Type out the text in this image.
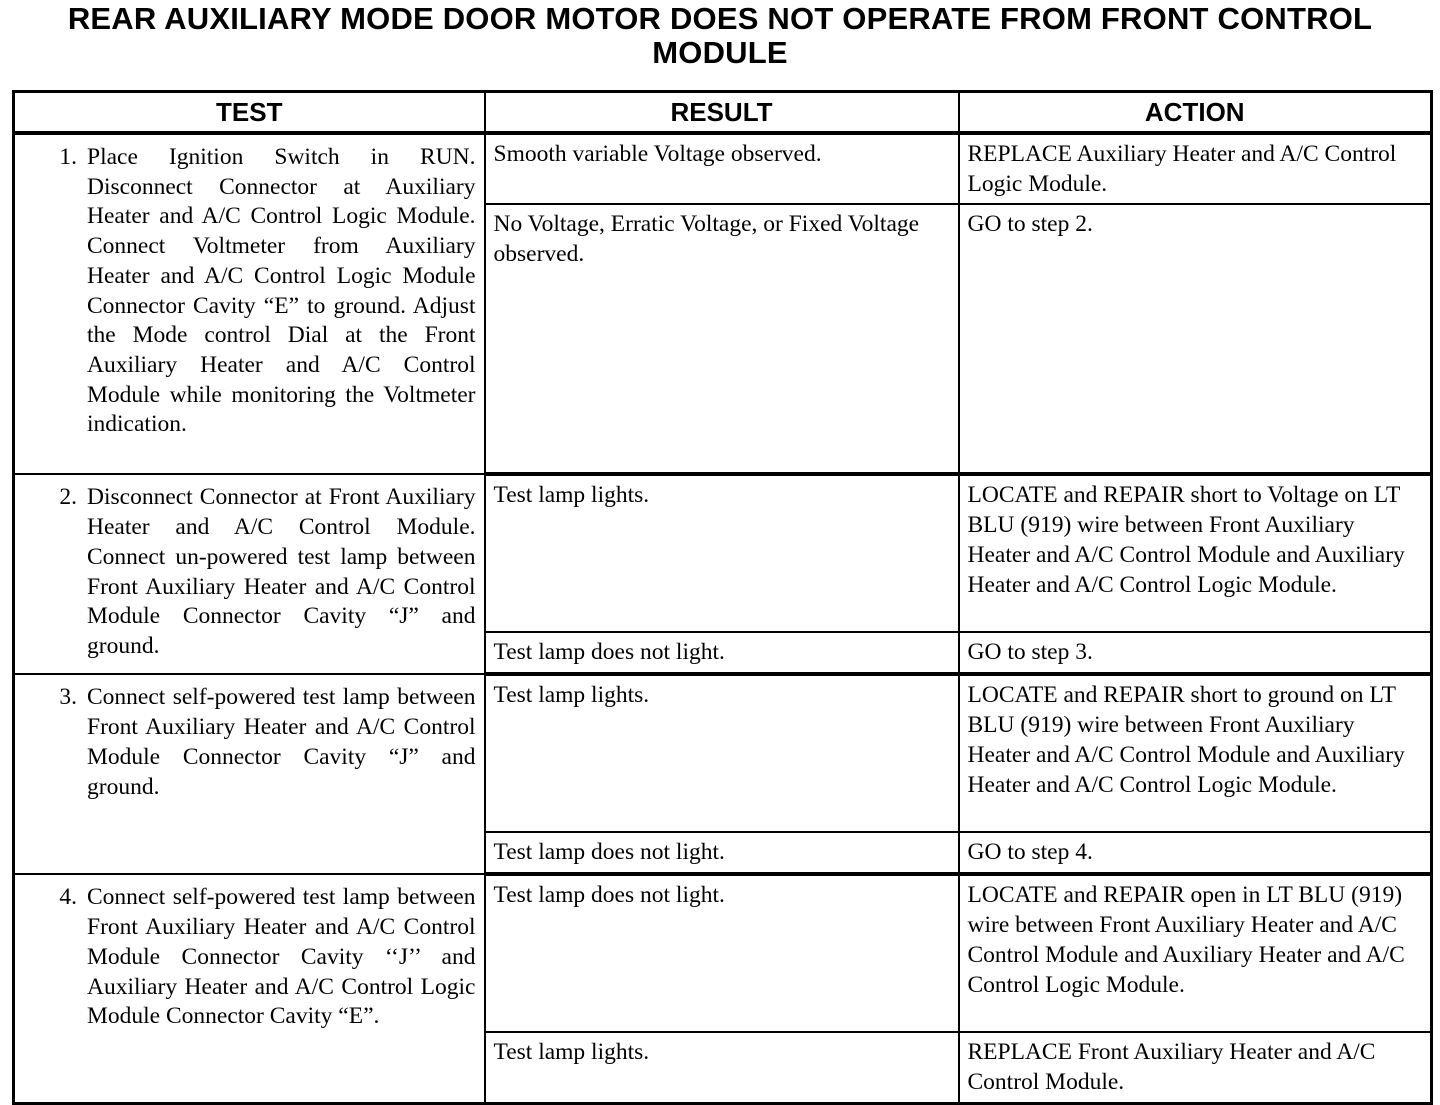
REAR AUXILIARY MODE DOOR MOTOR DOES NOT OPERATE FROM FRONT CONTROL MODULE
TEST	RESULT	ACTION

1. Place Ignition Switch in RUN. Disconnect Connector at Auxiliary Heater and A/C Control Logic Module. Connect Voltmeter from Auxiliary Heater and A/C Control Logic Module Connector Cavity “E” to ground. Adjust the Mode control Dial at the Front Auxiliary Heater and A/C Control Module while monitoring the Voltmeter indication.	Smooth variable Voltage observed.	REPLACE Auxiliary Heater and A/C Control Logic Module.
	No Voltage, Erratic Voltage, or Fixed Voltage observed.	GO to step 2.

2. Disconnect Connector at Front Auxiliary Heater and A/C Control Module. Connect un-powered test lamp between Front Auxiliary Heater and A/C Control Module Connector Cavity “J” and ground.	Test lamp lights.	LOCATE and REPAIR short to Voltage on LT BLU (919) wire between Front Auxiliary Heater and A/C Control Module and Auxiliary Heater and A/C Control Logic Module.
	Test lamp does not light.	GO to step 3.

3. Connect self-powered test lamp between Front Auxiliary Heater and A/C Control Module Connector Cavity “J” and ground.	Test lamp lights.	LOCATE and REPAIR short to ground on LT BLU (919) wire between Front Auxiliary Heater and A/C Control Module and Auxiliary Heater and A/C Control Logic Module.
	Test lamp does not light.	GO to step 4.

4. Connect self-powered test lamp between Front Auxiliary Heater and A/C Control Module Connector Cavity ‘‘J’’ and Auxiliary Heater and A/C Control Logic Module Connector Cavity “E”.	Test lamp does not light.	LOCATE and REPAIR open in LT BLU (919) wire between Front Auxiliary Heater and A/C Control Module and Auxiliary Heater and A/C Control Logic Module.
	Test lamp lights.	REPLACE Front Auxiliary Heater and A/C Control Module.
